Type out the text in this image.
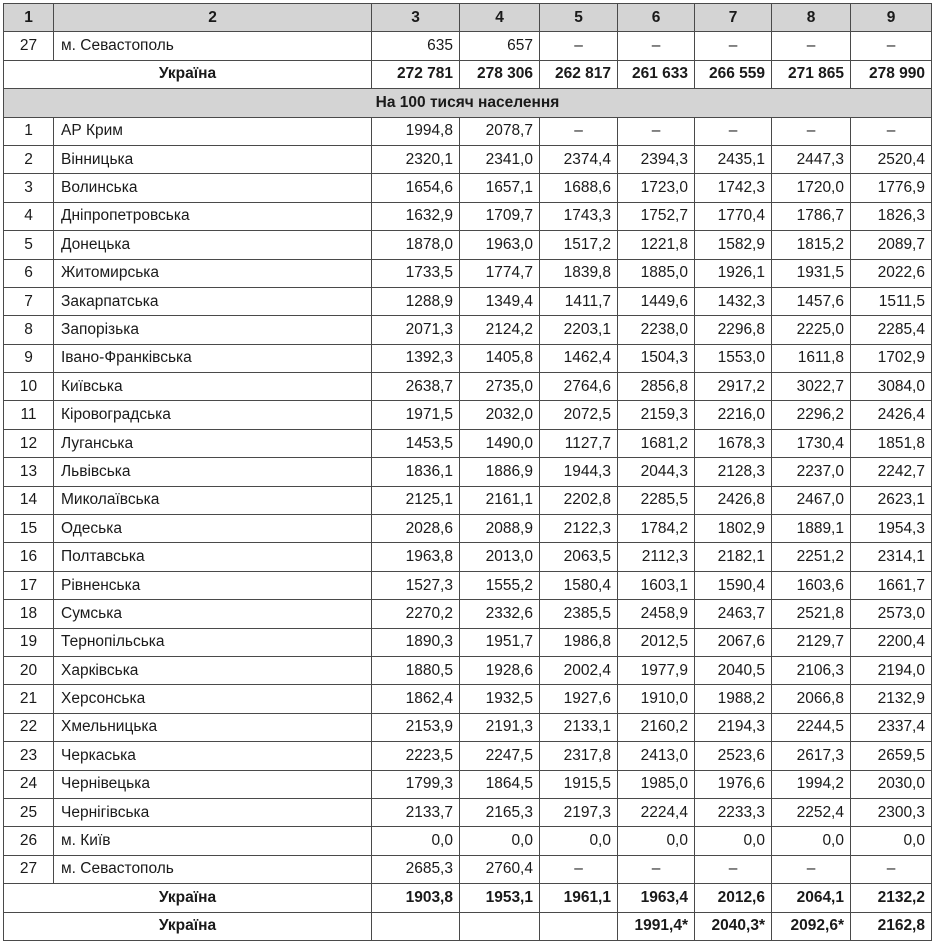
1	2	3	4	5	6	7	8	9
27	м. Севастополь	635	657	–	–	–	–	–
Україна		272 781	278 306	262 817	261 633	266 559	271 865	278 990
На 100 тисяч населення								
1	АР Крим	1994,8	2078,7	–	–	–	–	–
2	Вінницька	2320,1	2341,0	2374,4	2394,3	2435,1	2447,3	2520,4
3	Волинська	1654,6	1657,1	1688,6	1723,0	1742,3	1720,0	1776,9
4	Дніпропетровська	1632,9	1709,7	1743,3	1752,7	1770,4	1786,7	1826,3
5	Донецька	1878,0	1963,0	1517,2	1221,8	1582,9	1815,2	2089,7
6	Житомирська	1733,5	1774,7	1839,8	1885,0	1926,1	1931,5	2022,6
7	Закарпатська	1288,9	1349,4	1411,7	1449,6	1432,3	1457,6	1511,5
8	Запорізька	2071,3	2124,2	2203,1	2238,0	2296,8	2225,0	2285,4
9	Івано-Франківська	1392,3	1405,8	1462,4	1504,3	1553,0	1611,8	1702,9
10	Київська	2638,7	2735,0	2764,6	2856,8	2917,2	3022,7	3084,0
11	Кіровоградська	1971,5	2032,0	2072,5	2159,3	2216,0	2296,2	2426,4
12	Луганська	1453,5	1490,0	1127,7	1681,2	1678,3	1730,4	1851,8
13	Львівська	1836,1	1886,9	1944,3	2044,3	2128,3	2237,0	2242,7
14	Миколаївська	2125,1	2161,1	2202,8	2285,5	2426,8	2467,0	2623,1
15	Одеська	2028,6	2088,9	2122,3	1784,2	1802,9	1889,1	1954,3
16	Полтавська	1963,8	2013,0	2063,5	2112,3	2182,1	2251,2	2314,1
17	Рівненська	1527,3	1555,2	1580,4	1603,1	1590,4	1603,6	1661,7
18	Сумська	2270,2	2332,6	2385,5	2458,9	2463,7	2521,8	2573,0
19	Тернопільська	1890,3	1951,7	1986,8	2012,5	2067,6	2129,7	2200,4
20	Харківська	1880,5	1928,6	2002,4	1977,9	2040,5	2106,3	2194,0
21	Херсонська	1862,4	1932,5	1927,6	1910,0	1988,2	2066,8	2132,9
22	Хмельницька	2153,9	2191,3	2133,1	2160,2	2194,3	2244,5	2337,4
23	Черкаська	2223,5	2247,5	2317,8	2413,0	2523,6	2617,3	2659,5
24	Чернівецька	1799,3	1864,5	1915,5	1985,0	1976,6	1994,2	2030,0
25	Чернігівська	2133,7	2165,3	2197,3	2224,4	2233,3	2252,4	2300,3
26	м. Київ	0,0	0,0	0,0	0,0	0,0	0,0	0,0
27	м. Севастополь	2685,3	2760,4	–	–	–	–	–
Україна		1903,8	1953,1	1961,1	1963,4	2012,6	2064,1	2132,2
Україна					1991,4*	2040,3*	2092,6*	2162,8
